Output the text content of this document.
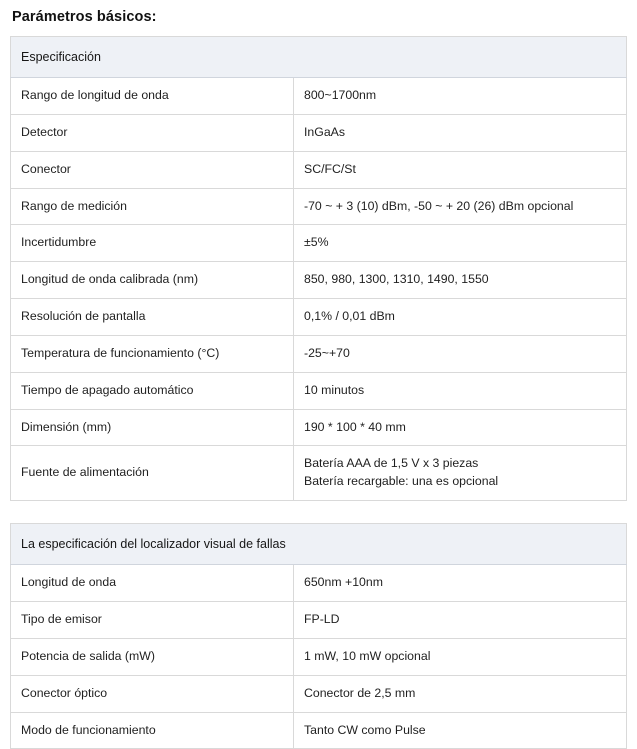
Parámetros básicos:
Especificación	
Rango de longitud de onda	800~1700nm
Detector	InGaAs
Conector	SC/FC/St
Rango de medición	-70 ~ + 3 (10) dBm, -50 ~ + 20 (26) dBm opcional
Incertidumbre	±5%
Longitud de onda calibrada (nm)	850, 980, 1300, 1310, 1490, 1550
Resolución de pantalla	0,1% / 0,01 dBm
Temperatura de funcionamiento (°C)	-25~+70
Tiempo de apagado automático	10 minutos
Dimensión (mm)	190 * 100 * 40 mm
Fuente de alimentación	Batería AAA de 1,5 V x 3 piezas
Batería recargable: una es opcional
La especificación del localizador visual de fallas	
Longitud de onda	650nm +10nm
Tipo de emisor	FP-LD
Potencia de salida (mW)	1 mW, 10 mW opcional
Conector óptico	Conector de 2,5 mm
Modo de funcionamiento	Tanto CW como Pulse
